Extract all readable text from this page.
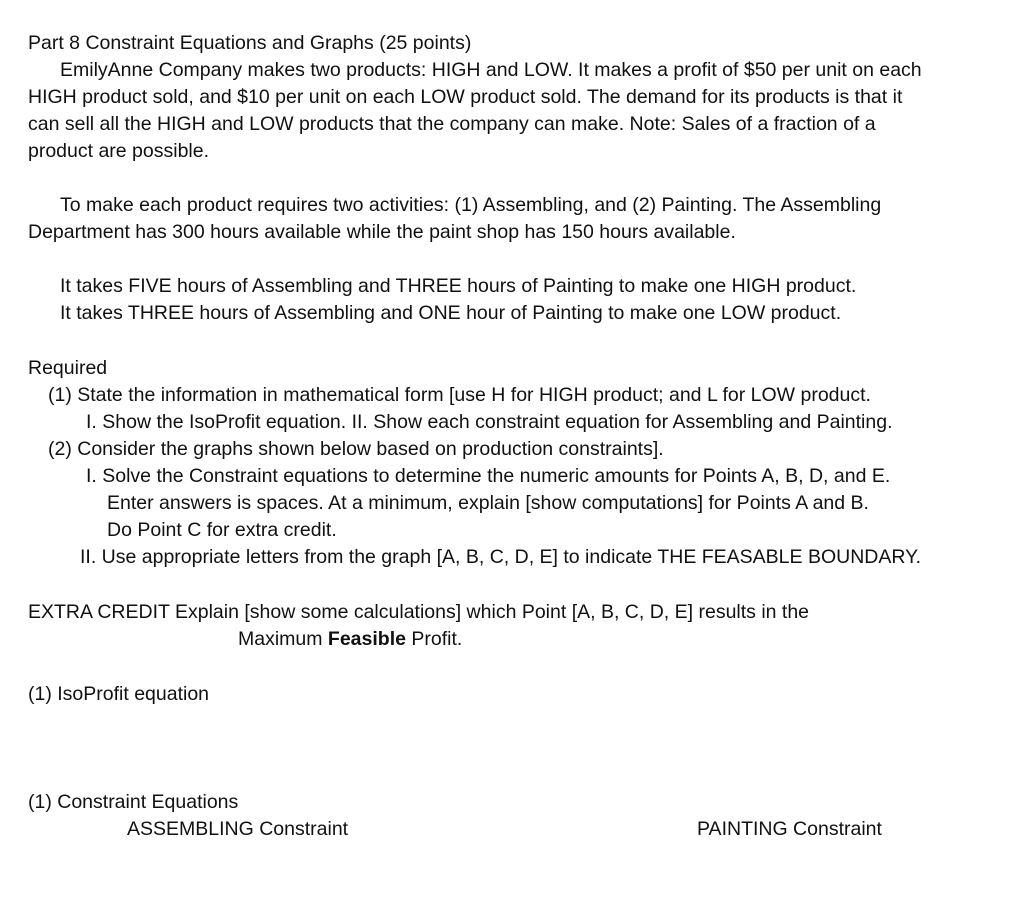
Part 8 Constraint Equations and Graphs (25 points)
EmilyAnne Company makes two products: HIGH and LOW. It makes a profit of $50 per unit on each
HIGH product sold, and $10 per unit on each LOW product sold. The demand for its products is that it
can sell all the HIGH and LOW products that the company can make. Note: Sales of a fraction of a
product are possible.
To make each product requires two activities: (1) Assembling, and (2) Painting. The Assembling
Department has 300 hours available while the paint shop has 150 hours available.
It takes FIVE hours of Assembling and THREE hours of Painting to make one HIGH product.
It takes THREE hours of Assembling and ONE hour of Painting to make one LOW product.
Required
(1) State the information in mathematical form [use H for HIGH product; and L for LOW product.
I. Show the IsoProfit equation. II. Show each constraint equation for Assembling and Painting.
(2) Consider the graphs shown below based on production constraints].
I. Solve the Constraint equations to determine the numeric amounts for Points A, B, D, and E.
Enter answers is spaces. At a minimum, explain [show computations] for Points A and B.
Do Point C for extra credit.
II. Use appropriate letters from the graph [A, B, C, D, E] to indicate THE FEASABLE BOUNDARY.
EXTRA CREDIT Explain [show some calculations] which Point [A, B, C, D, E] results in the
Maximum Feasible Profit.
(1) IsoProfit equation
(1) Constraint Equations
ASSEMBLING Constraint	PAINTING Constraint
